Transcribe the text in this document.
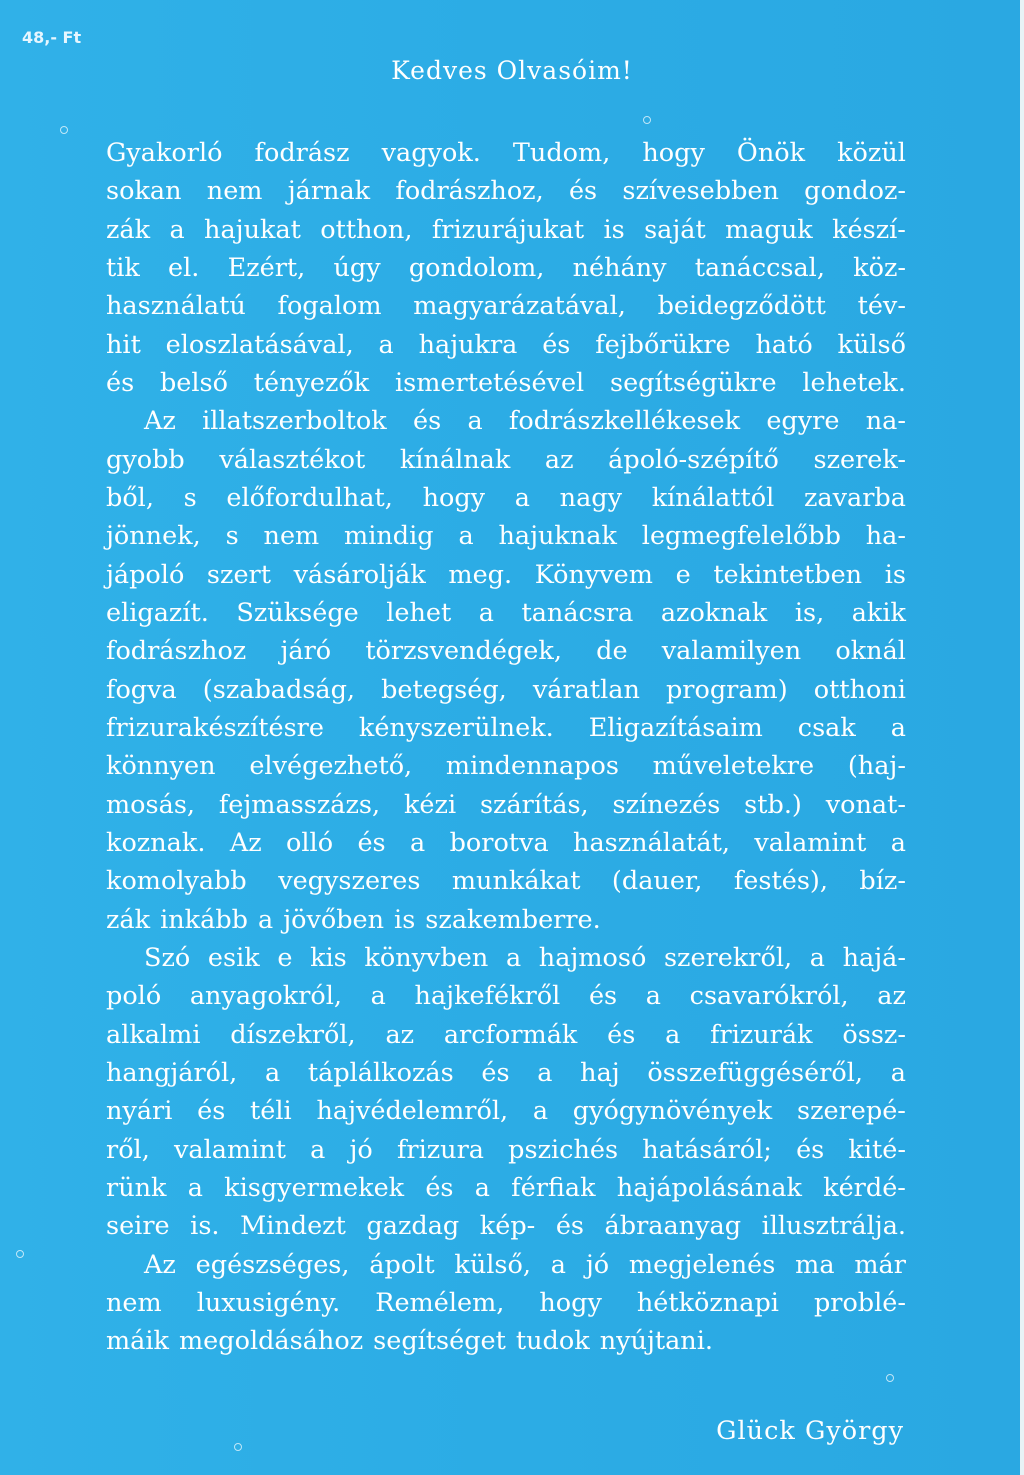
48,- Ft
Kedves Olvasóim!
Gyakorló fodrász vagyok. Tudom, hogy Önök közül
sokan nem járnak fodrászhoz, és szívesebben gondoz-
zák a hajukat otthon, frizurájukat is saját maguk készí-
tik el. Ezért, úgy gondolom, néhány tanáccsal, köz-
használatú fogalom magyarázatával, beidegződött tév-
hit eloszlatásával, a hajukra és fejbőrükre ható külső
és belső tényezők ismertetésével segítségükre lehetek.
Az illatszerboltok és a fodrászkellékesek egyre na-
gyobb választékot kínálnak az ápoló-szépítő szerek-
ből, s előfordulhat, hogy a nagy kínálattól zavarba
jönnek, s nem mindig a hajuknak legmegfelelőbb ha-
jápoló szert vásárolják meg. Könyvem e tekintetben is
eligazít. Szüksége lehet a tanácsra azoknak is, akik
fodrászhoz járó törzsvendégek, de valamilyen oknál
fogva (szabadság, betegség, váratlan program) otthoni
frizurakészítésre kényszerülnek. Eligazításaim csak a
könnyen elvégezhető, mindennapos műveletekre (haj-
mosás, fejmasszázs, kézi szárítás, színezés stb.) vonat-
koznak. Az olló és a borotva használatát, valamint a
komolyabb vegyszeres munkákat (dauer, festés), bíz-
zák inkább a jövőben is szakemberre.
Szó esik e kis könyvben a hajmosó szerekről, a hajá-
poló anyagokról, a hajkefékről és a csavarókról, az
alkalmi díszekről, az arcformák és a frizurák össz-
hangjáról, a táplálkozás és a haj összefüggéséről, a
nyári és téli hajvédelemről, a gyógynövények szerepé-
ről, valamint a jó frizura pszichés hatásáról; és kité-
rünk a kisgyermekek és a férfiak hajápolásának kérdé-
seire is. Mindezt gazdag kép- és ábraanyag illusztrálja.
Az egészséges, ápolt külső, a jó megjelenés ma már
nem luxusigény. Remélem, hogy hétköznapi problé-
máik megoldásához segítséget tudok nyújtani.
Glück György
